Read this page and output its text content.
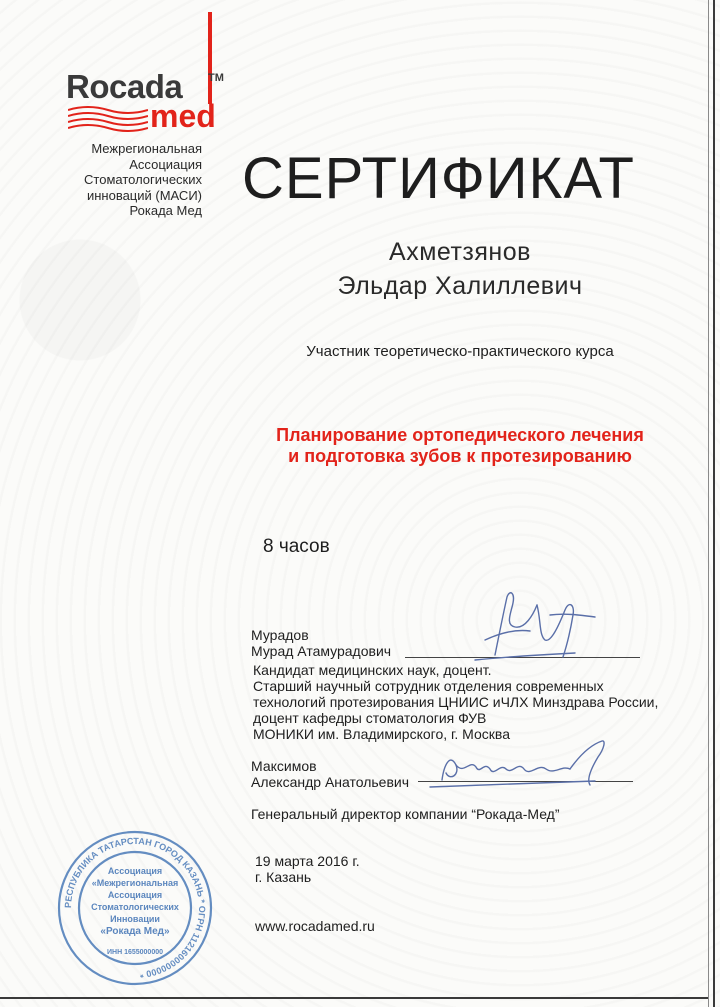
Rocada TM
med
Межрегиональная
Ассоциация
Стоматологических
инноваций (МАСИ)
Рокада Мед СЕРТИФИКАТ
Ахметзянов
Эльдар Халиллевич
Участник теоретическо-практического курса
Планирование ортопедического лечения
и подготовка зубов к протезированию
8 часов
Мурадов
Мурад Атамурадович
Кандидат медицинских наук, доцент.
Старший научный сотрудник отделения современных
технологий протезирования ЦНИИС иЧЛХ Минздрава России,
доцент кафедры стоматология ФУВ
МОНИКИ им. Владимирского, г. Москва
Максимов
Александр Анатольевич
Генеральный директор компании “Рокада-Мед”
19 марта 2016 г.
г. Казань
www.rocadamed.ru
РЕСПУБЛИКА ТАТАРСТАН ГОРОД КАЗАНЬ * ОГРН 1121600000000 *
Ассоциация
«Межрегиональная
Ассоциация
Стоматологических
Инновации
«Рокада Мед»
ИНН 1655000000
